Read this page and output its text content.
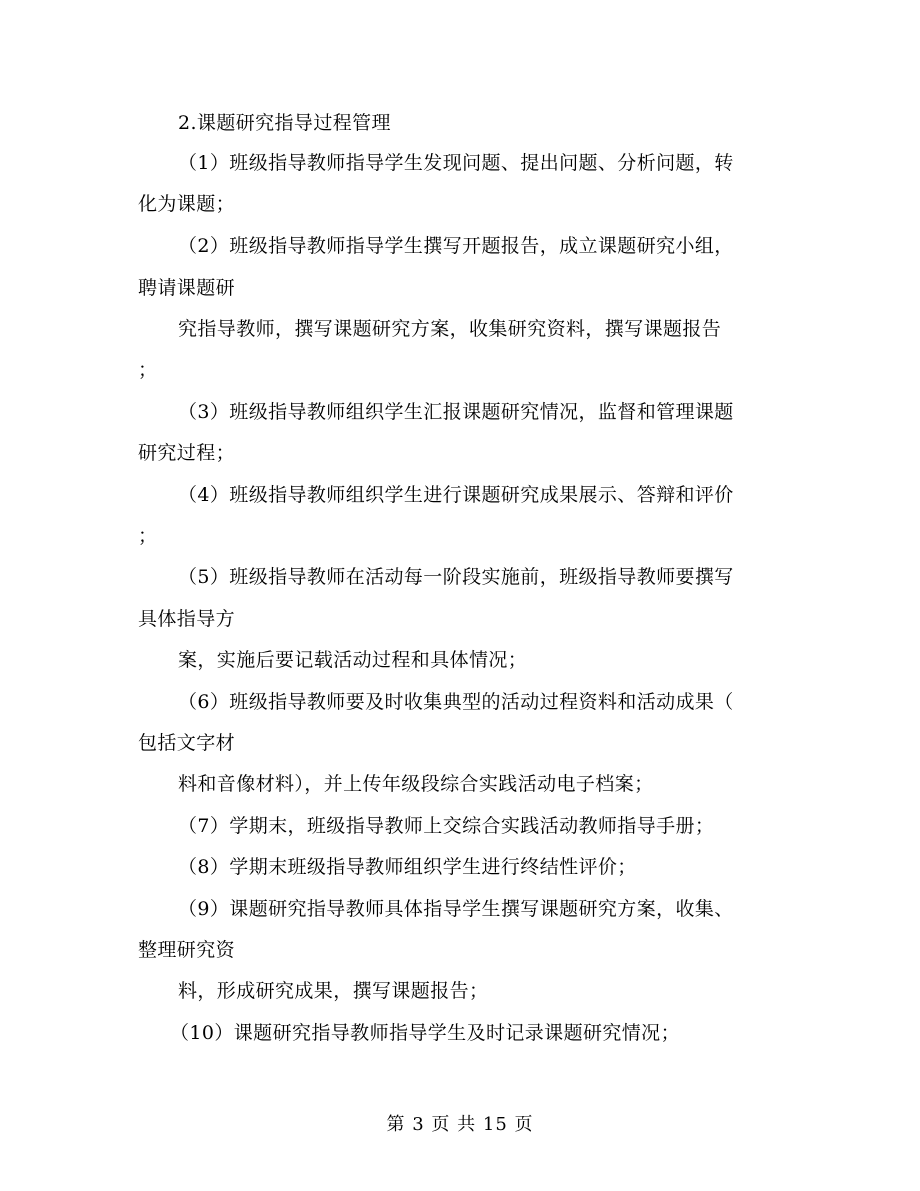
2.课题研究指导过程管理

（1）班级指导教师指导学生发现问题、提出问题、分析问题，转

化为课题；

（2）班级指导教师指导学生撰写开题报告，成立课题研究小组，

聘请课题研

究指导教师，撰写课题研究方案，收集研究资料，撰写课题报告

；

（3）班级指导教师组织学生汇报课题研究情况，监督和管理课题

研究过程；

（4）班级指导教师组织学生进行课题研究成果展示、答辩和评价

；

（5）班级指导教师在活动每一阶段实施前，班级指导教师要撰写

具体指导方

案，实施后要记载活动过程和具体情况；

（6）班级指导教师要及时收集典型的活动过程资料和活动成果（

包括文字材

料和音像材料），并上传年级段综合实践活动电子档案；

（7）学期末，班级指导教师上交综合实践活动教师指导手册；

（8）学期末班级指导教师组织学生进行终结性评价；

（9）课题研究指导教师具体指导学生撰写课题研究方案，收集、

整理研究资

料，形成研究成果，撰写课题报告；

（10）课题研究指导教师指导学生及时记录课题研究情况；

第 3 页 共 15 页
